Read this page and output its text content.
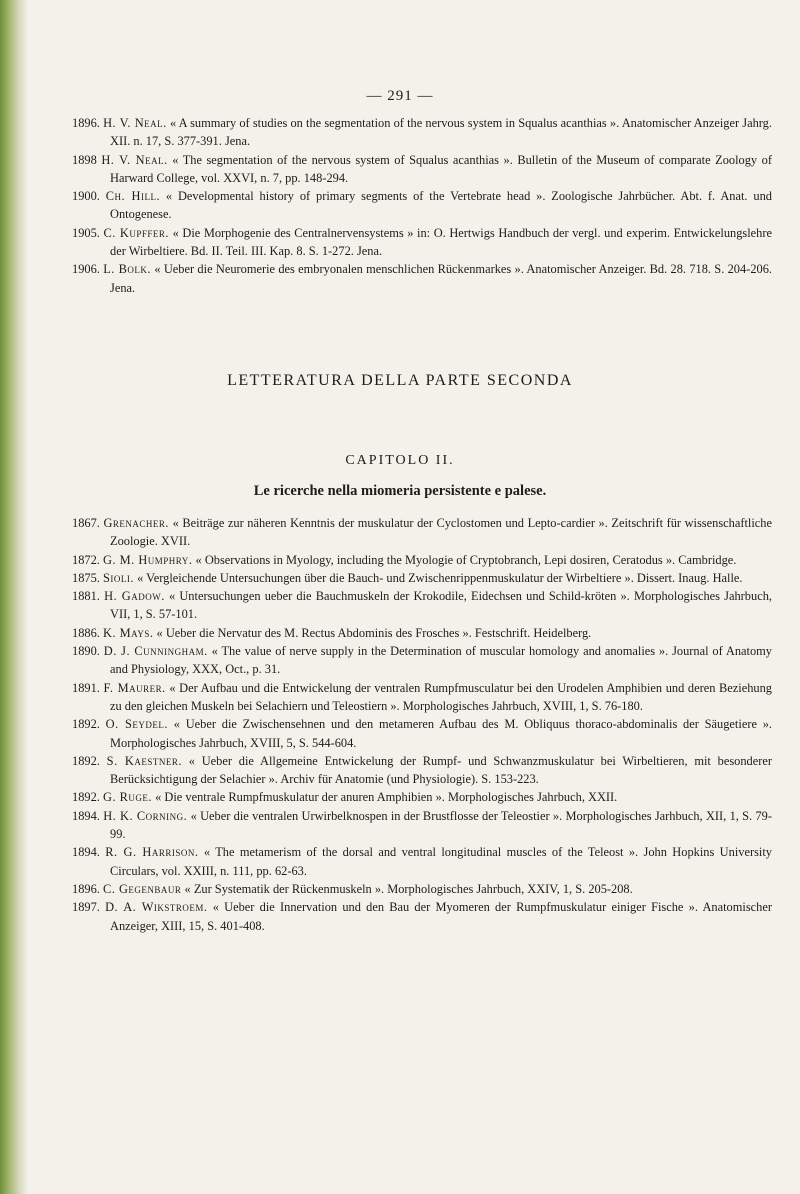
— 291 —

1896. H. V. Neal. « A summary of studies on the segmentation of the nervous system in Squalus acanthias ». Anatomischer Anzeiger Jahrg. XII. n. 17, S. 377-391. Jena.

1898 H. V. Neal. « The segmentation of the nervous system of Squalus acanthias ». Bulletin of the Museum of comparate Zoology of Harward College, vol. XXVI, n. 7, pp. 148-294.

1900. Ch. Hill. « Developmental history of primary segments of the Vertebrate head ». Zoologische Jahrbücher. Abt. f. Anat. und Ontogenese.

1905. C. Kupffer. « Die Morphogenie des Centralnervensystems » in: O. Hertwigs Handbuch der vergl. und experim. Entwickelungslehre der Wirbeltiere. Bd. II. Teil. III. Kap. 8. S. 1-272. Jena.

1906. L. Bolk. « Ueber die Neuromerie des embryonalen menschlichen Rückenmarkes ». Anatomischer Anzeiger. Bd. 28. 718. S. 204-206. Jena.

LETTERATURA DELLA PARTE SECONDA
CAPITOLO II.
Le ricerche nella miomeria persistente e palese.

1867. Grenacher. « Beiträge zur näheren Kenntnis der muskulatur der Cyclostomen und Lepto-cardier ». Zeitschrift für wissenschaftliche Zoologie. XVII.

1872. G. M. Humphry. « Observations in Myology, including the Myologie of Cryptobranch, Lepi dosiren, Ceratodus ». Cambridge.

1875. Sioli. « Vergleichende Untersuchungen über die Bauch- und Zwischenrippenmuskulatur der Wirbeltiere ». Dissert. Inaug. Halle.

1881. H. Gadow. « Untersuchungen ueber die Bauchmuskeln der Krokodile, Eidechsen und Schild-kröten ». Morphologisches Jahrbuch, VII, 1, S. 57-101.

1886. K. Mays. « Ueber die Nervatur des M. Rectus Abdominis des Frosches ». Festschrift. Heidelberg.

1890. D. J. Cunningham. « The value of nerve supply in the Determination of muscular homology and anomalies ». Journal of Anatomy and Physiology, XXX, Oct., p. 31.

1891. F. Maurer. « Der Aufbau und die Entwickelung der ventralen Rumpfmusculatur bei den Urodelen Amphibien und deren Beziehung zu den gleichen Muskeln bei Selachiern und Teleostiern ». Morphologisches Jahrbuch, XVIII, 1, S. 76-180.

1892. O. Seydel. « Ueber die Zwischensehnen und den metameren Aufbau des M. Obliquus thoraco-abdominalis der Säugetiere ». Morphologisches Jahrbuch, XVIII, 5, S. 544-604.

1892. S. Kaestner. « Ueber die Allgemeine Entwickelung der Rumpf- und Schwanzmuskulatur bei Wirbeltieren, mit besonderer Berücksichtigung der Selachier ». Archiv für Anatomie (und Physiologie). S. 153-223.

1892. G. Ruge. « Die ventrale Rumpfmuskulatur der anuren Amphibien ». Morphologisches Jahrbuch, XXII.

1894. H. K. Corning. « Ueber die ventralen Urwirbelknospen in der Brustflosse der Teleostier ». Morphologisches Jarhbuch, XII, 1, S. 79-99.

1894. R. G. Harrison. « The metamerism of the dorsal and ventral longitudinal muscles of the Teleost ». John Hopkins University Circulars, vol. XXIII, n. 111, pp. 62-63.

1896. C. Gegenbaur « Zur Systematik der Rückenmuskeln ». Morphologisches Jahrbuch, XXIV, 1, S. 205-208.

1897. D. A. Wikstroem. « Ueber die Innervation und den Bau der Myomeren der Rumpfmuskulatur einiger Fische ». Anatomischer Anzeiger, XIII, 15, S. 401-408.
